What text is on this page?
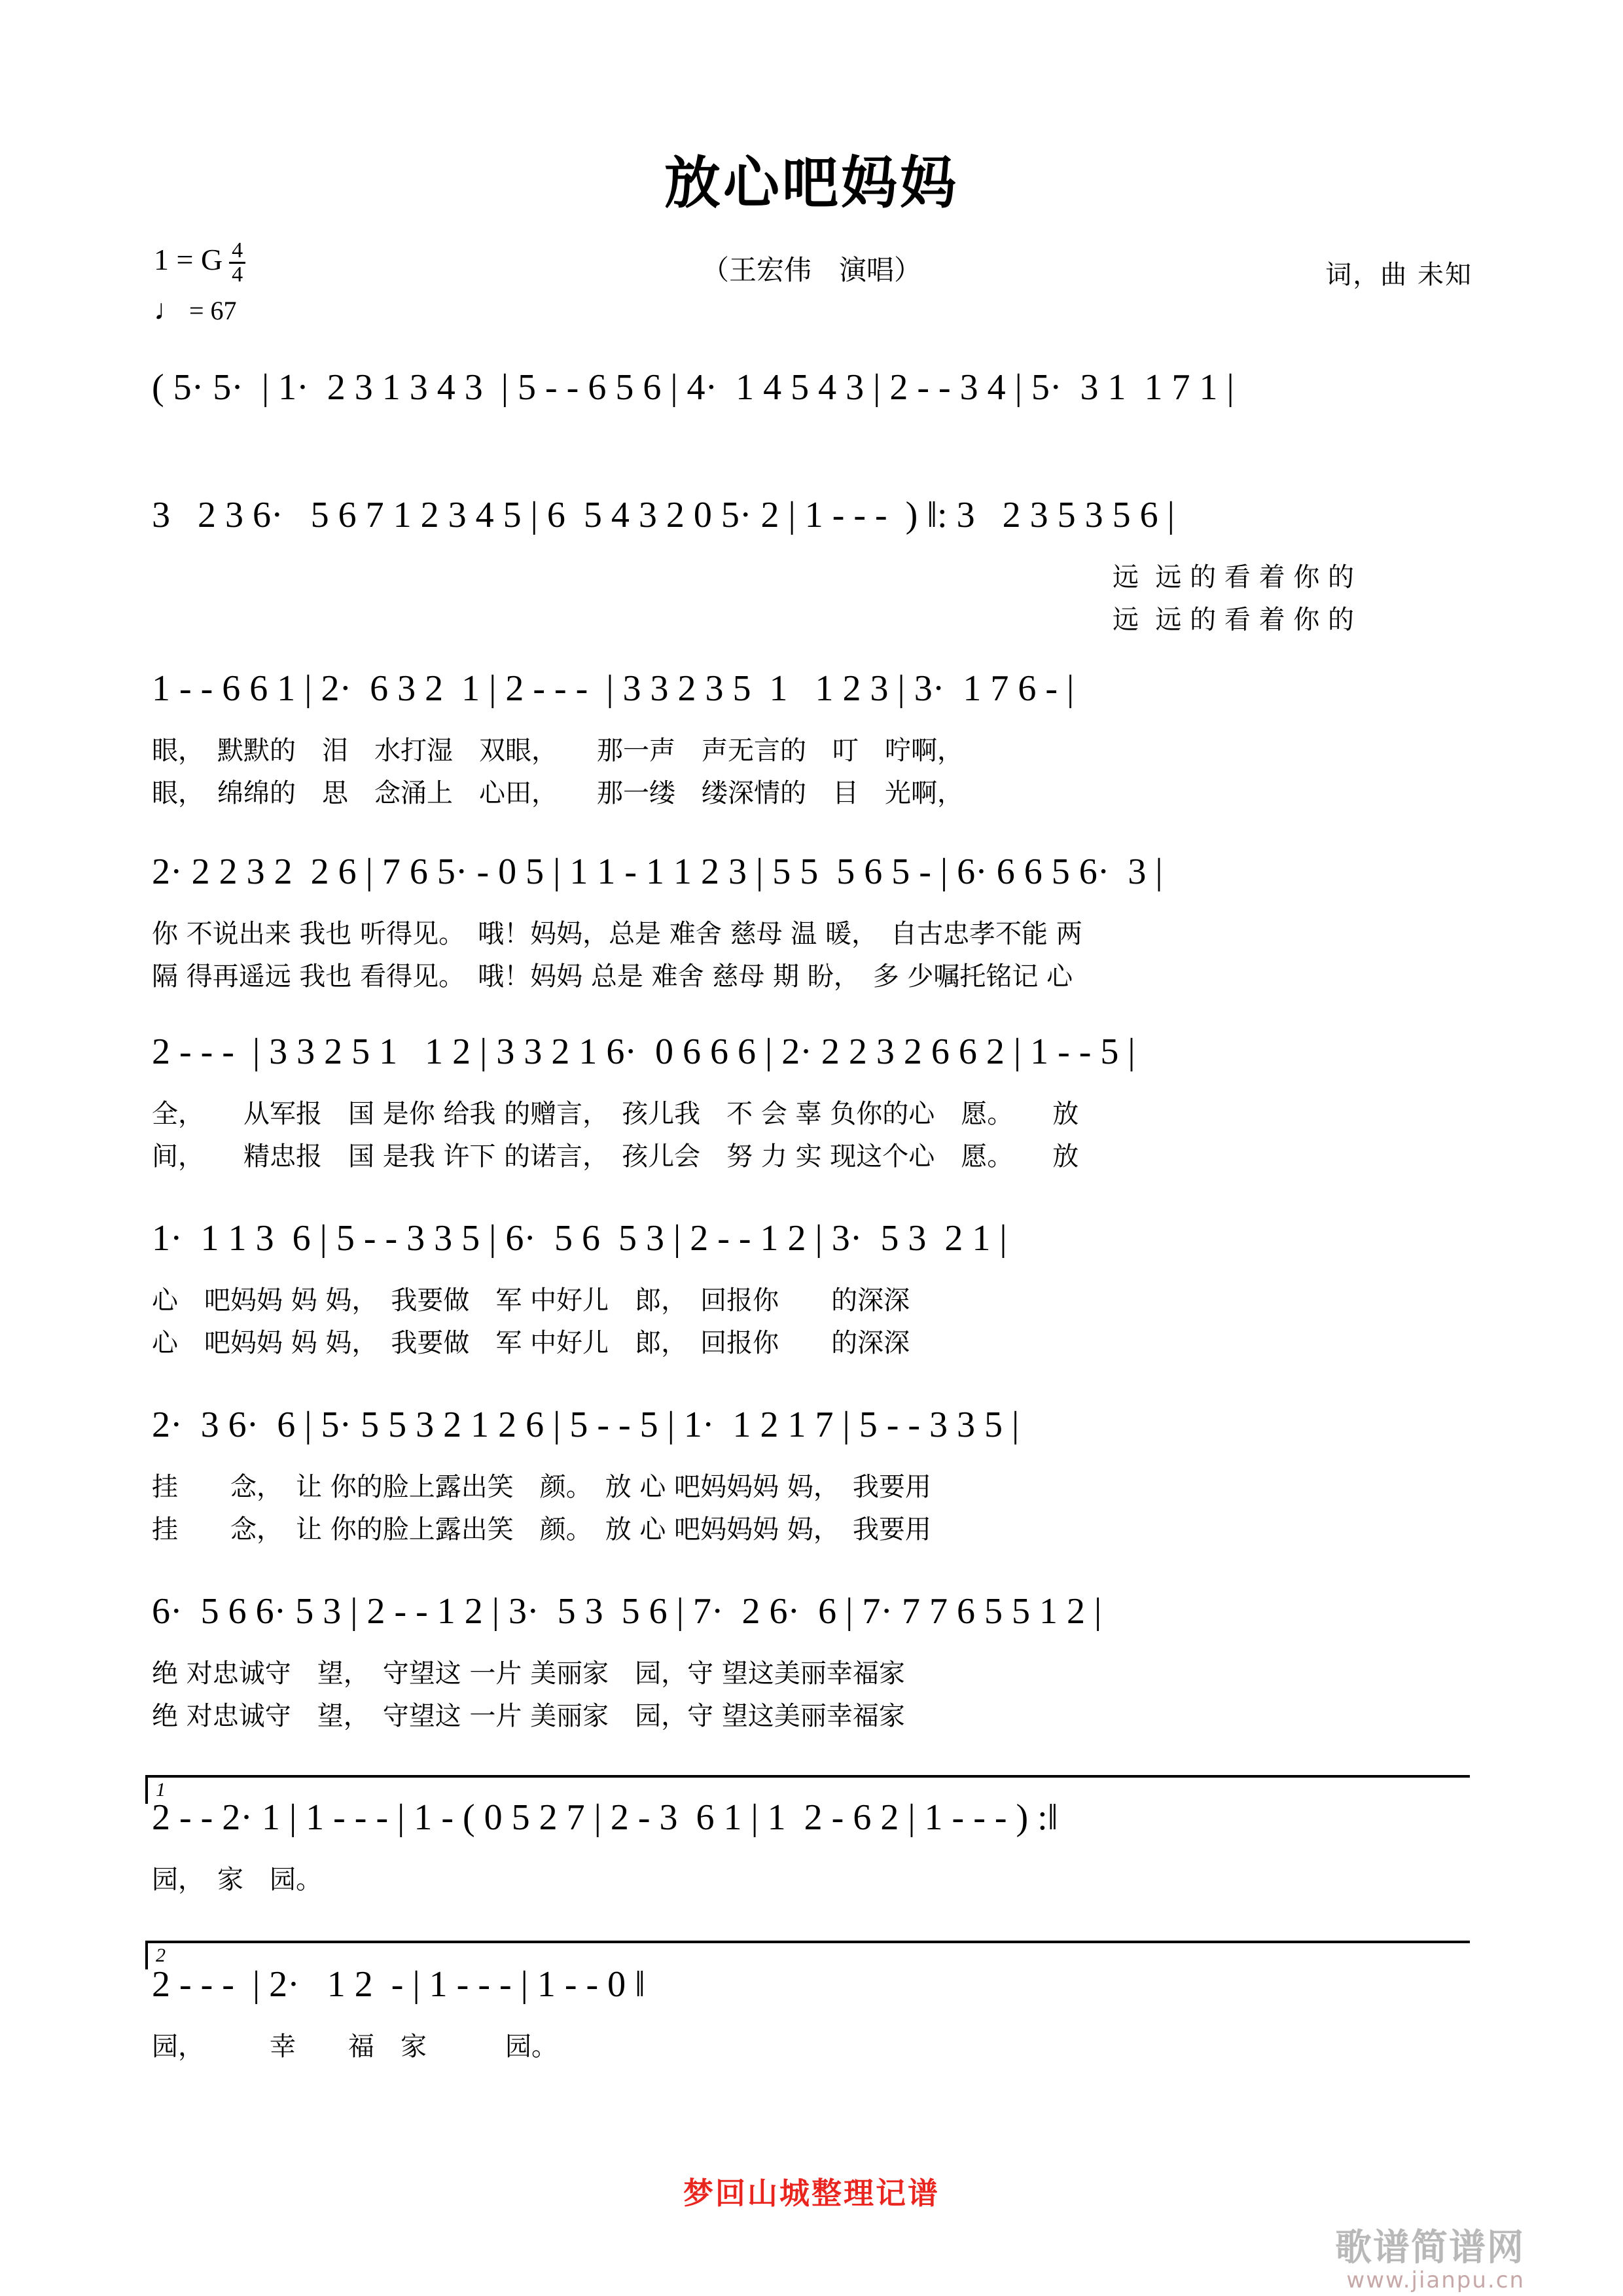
放心吧妈妈
1 = G $\frac{4}{4}$
♩ = 67
（王宏伟　演唱）	词，曲 未知
( 5· 5·  | 1·  2 3 1 3 4 3  | 5 - - 6 5 6 | 4·  1 4 5 4 3 | 2 - - 3 4 | 5·  3 1  1 7 1 |
3   2 3 6·   5 6 7 1 2 3 4 5 | 6  5 4 3 2 0 5· 2 | 1 - - -  ) ‖: 3   2 3 5 3 5 6 |
远  远 的 看 着 你 的
远  远 的 看 着 你 的
1 - - 6 6 1 | 2·  6 3 2  1 | 2 - - -  | 3 3 2 3 5  1   1 2 3 | 3·  1 7 6 - |
眼，　默默的　泪　水打湿　双眼，　　那一声　声无言的　叮　咛啊，
眼，　绵绵的　思　念涌上　心田，　　那一缕　缕深情的　目　光啊，
2· 2 2 3 2  2 6 | 7 6 5· - 0 5 | 1 1 - 1 1 2 3 | 5 5  5 6 5 - | 6· 6 6 5 6·  3 |
你 不说出来 我也 听得见。　哦！妈妈，总是 难舍 慈母 温 暖，　自古忠孝不能 两
隔 得再遥远 我也 看得见。　哦！妈妈 总是 难舍 慈母 期 盼，　多 少嘱托铭记 心
2 - - -  | 3 3 2 5 1   1 2 | 3 3 2 1 6·  0 6 6 6 | 2· 2 2 3 2 6 6 2 | 1 - - 5 |
全，　　从军报　国 是你 给我 的赠言，　孩儿我　不 会 辜 负你的心　愿。　　放
间，　　精忠报　国 是我 许下 的诺言，　孩儿会　努 力 实 现这个心　愿。　　放
1·  1 1 3  6 | 5 - - 3 3 5 | 6·  5 6  5 3 | 2 - - 1 2 | 3·  5 3  2 1 |
心　吧妈妈 妈 妈，　我要做　军 中好儿　郎，　回报你　　的深深
心　吧妈妈 妈 妈，　我要做　军 中好儿　郎，　回报你　　的深深
2·  3 6·  6 | 5· 5 5 3 2 1 2 6 | 5 - - 5 | 1·  1 2 1 7 | 5 - - 3 3 5 |
挂　　念，　让 你的脸上露出笑　颜。　放 心 吧妈妈妈 妈，　我要用
挂　　念，　让 你的脸上露出笑　颜。　放 心 吧妈妈妈 妈，　我要用
6·  5 6 6· 5 3 | 2 - - 1 2 | 3·  5 3  5 6 | 7·  2 6·  6 | 7· 7 7 6 5 5 1 2 |
绝 对忠诚守　望，　守望这 一片 美丽家　园，守 望这美丽幸福家
绝 对忠诚守　望，　守望这 一片 美丽家　园，守 望这美丽幸福家
1
2 - - 2· 1 | 1 - - - | 1 - ( 0 5 2 7 | 2 - 3  6 1 | 1  2 - 6 2 | 1 - - - ) :‖
园，　家　园。
2
2 - - -  | 2·   1 2  - | 1 - - - | 1 - - 0 ‖
园，　　　幸　　福　家　　　园。
梦回山城整理记谱
歌谱简谱网
www.jianpu.cn
